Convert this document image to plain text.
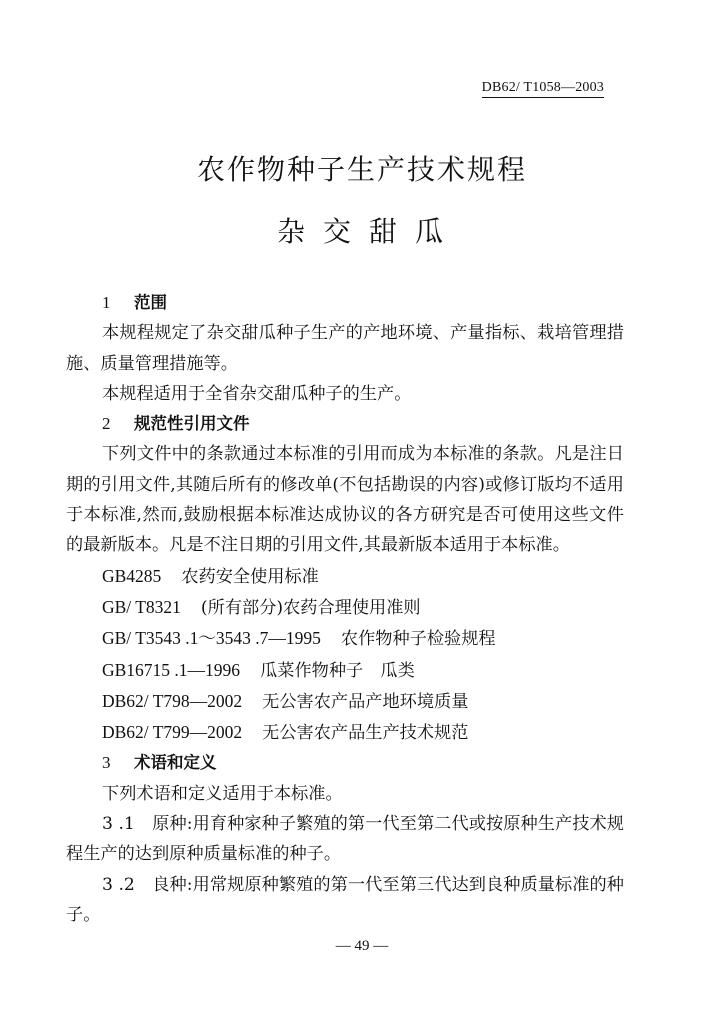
DB62/ T1058—2003
农作物种子生产技术规程
杂交甜瓜

1 范围

本规程规定了杂交甜瓜种子生产的产地环境、产量指标、栽培管理措施、质量管理措施等。

本规程适用于全省杂交甜瓜种子的生产。

2 规范性引用文件

下列文件中的条款通过本标准的引用而成为本标准的条款。凡是注日期的引用文件,其随后所有的修改单(不包括勘误的内容)或修订版均不适用于本标准,然而,鼓励根据本标准达成协议的各方研究是否可使用这些文件的最新版本。凡是不注日期的引用文件,其最新版本适用于本标准。

GB4285 农药安全使用标准

GB/ T8321 (所有部分)农药合理使用准则

GB/ T3543 .1～3543 .7—1995 农作物种子检验规程

GB16715 .1—1996 瓜菜作物种子　瓜类

DB62/ T798—2002 无公害农产品产地环境质量

DB62/ T799—2002 无公害农产品生产技术规范

3 术语和定义

下列术语和定义适用于本标准。

3 .1　原种:用育种家种子繁殖的第一代至第二代或按原种生产技术规程生产的达到原种质量标准的种子。

3 .2　良种:用常规原种繁殖的第一代至第三代达到良种质量标准的种子。

— 49 —
